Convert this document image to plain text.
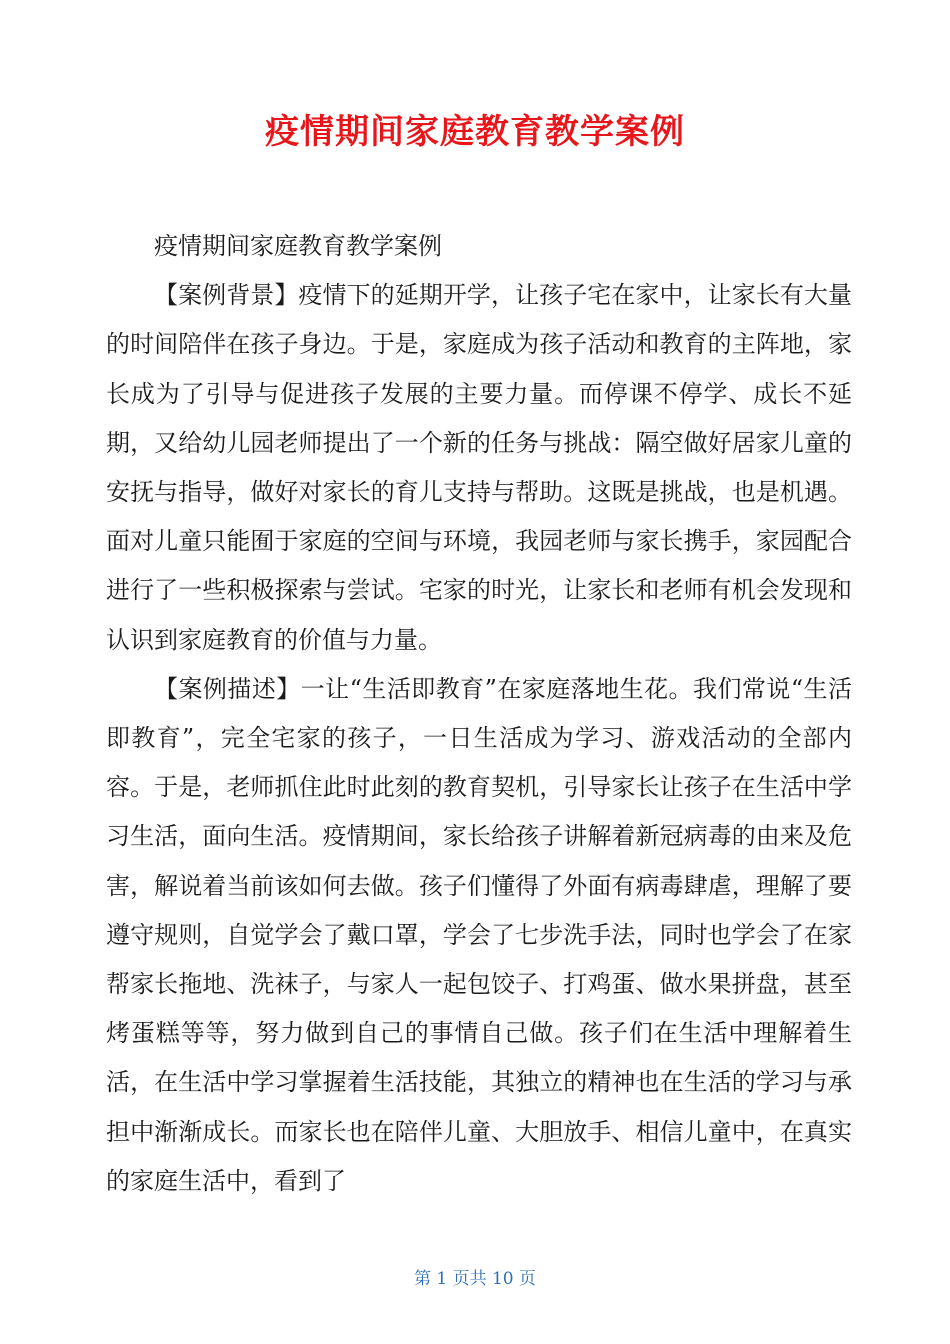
疫情期间家庭教育教学案例

疫情期间家庭教育教学案例

【案例背景】疫情下的延期开学，让孩子宅在家中，让家长有大量的时间陪伴在孩子身边。于是，家庭成为孩子活动和教育的主阵地，家长成为了引导与促进孩子发展的主要力量。而停课不停学、成长不延期，又给幼儿园老师提出了一个新的任务与挑战：隔空做好居家儿童的安抚与指导，做好对家长的育儿支持与帮助。这既是挑战，也是机遇。面对儿童只能囿于家庭的空间与环境，我园老师与家长携手，家园配合进行了一些积极探索与尝试。宅家的时光，让家长和老师有机会发现和认识到家庭教育的价值与力量。

【案例描述】一让“生活即教育”在家庭落地生花。我们常说“生活即教育”，完全宅家的孩子，一日生活成为学习、游戏活动的全部内容。于是，老师抓住此时此刻的教育契机，引导家长让孩子在生活中学习生活，面向生活。疫情期间，家长给孩子讲解着新冠病毒的由来及危害，解说着当前该如何去做。孩子们懂得了外面有病毒肆虐，理解了要遵守规则，自觉学会了戴口罩，学会了七步洗手法，同时也学会了在家帮家长拖地、洗袜子，与家人一起包饺子、打鸡蛋、做水果拼盘，甚至烤蛋糕等等，努力做到自己的事情自己做。孩子们在生活中理解着生活，在生活中学习掌握着生活技能，其独立的精神也在生活的学习与承担中渐渐成长。而家长也在陪伴儿童、大胆放手、相信儿童中，在真实的家庭生活中，看到了

第 1 页共 10 页
